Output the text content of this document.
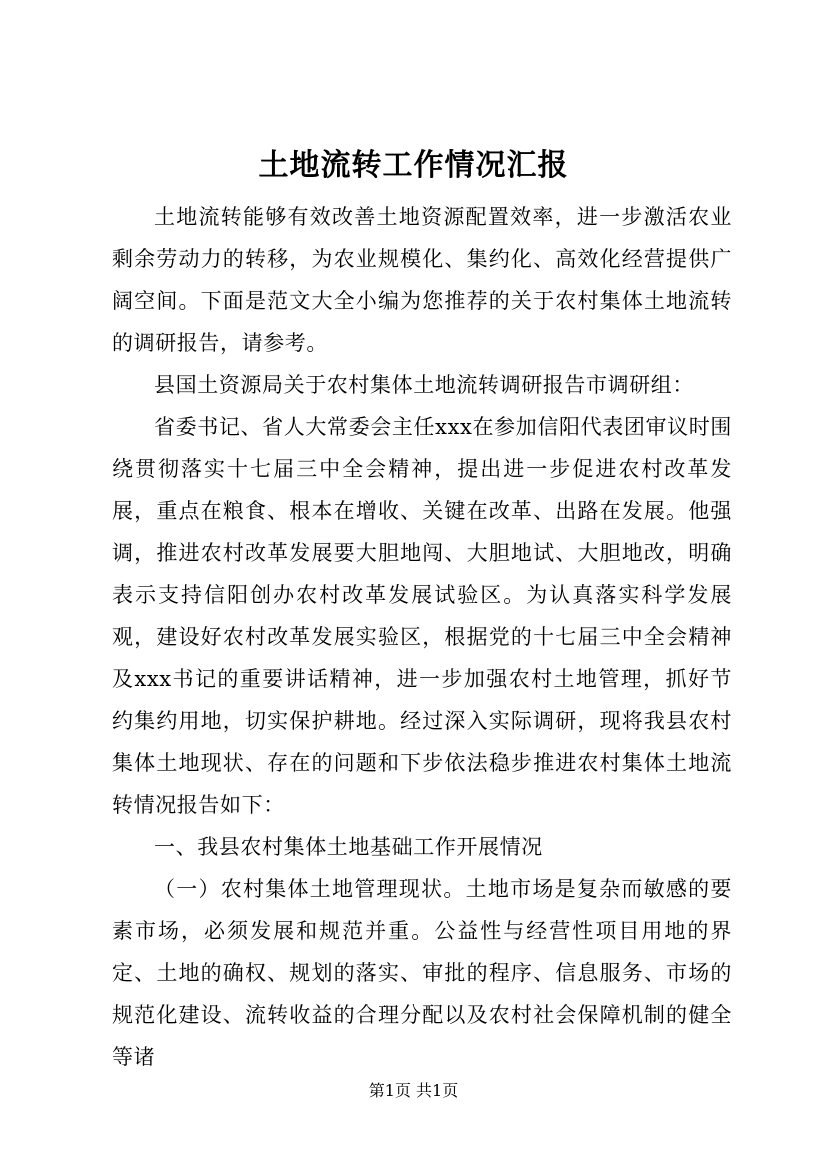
土地流转工作情况汇报

土地流转能够有效改善土地资源配置效率，进一步激活农业剩余劳动力的转移，为农业规模化、集约化、高效化经营提供广阔空间。下面是范文大全小编为您推荐的关于农村集体土地流转的调研报告，请参考。

县国土资源局关于农村集体土地流转调研报告市调研组：

省委书记、省人大常委会主任xxx在参加信阳代表团审议时围绕贯彻落实十七届三中全会精神，提出进一步促进农村改革发展，重点在粮食、根本在增收、关键在改革、出路在发展。他强调，推进农村改革发展要大胆地闯、大胆地试、大胆地改，明确表示支持信阳创办农村改革发展试验区。为认真落实科学发展观，建设好农村改革发展实验区，根据党的十七届三中全会精神及xxx书记的重要讲话精神，进一步加强农村土地管理，抓好节约集约用地，切实保护耕地。经过深入实际调研，现将我县农村集体土地现状、存在的问题和下步依法稳步推进农村集体土地流转情况报告如下：

一、我县农村集体土地基础工作开展情况

（一）农村集体土地管理现状。土地市场是复杂而敏感的要素市场，必须发展和规范并重。公益性与经营性项目用地的界定、土地的确权、规划的落实、审批的程序、信息服务、市场的规范化建设、流转收益的合理分配以及农村社会保障机制的健全等诸

第1页 共1页
